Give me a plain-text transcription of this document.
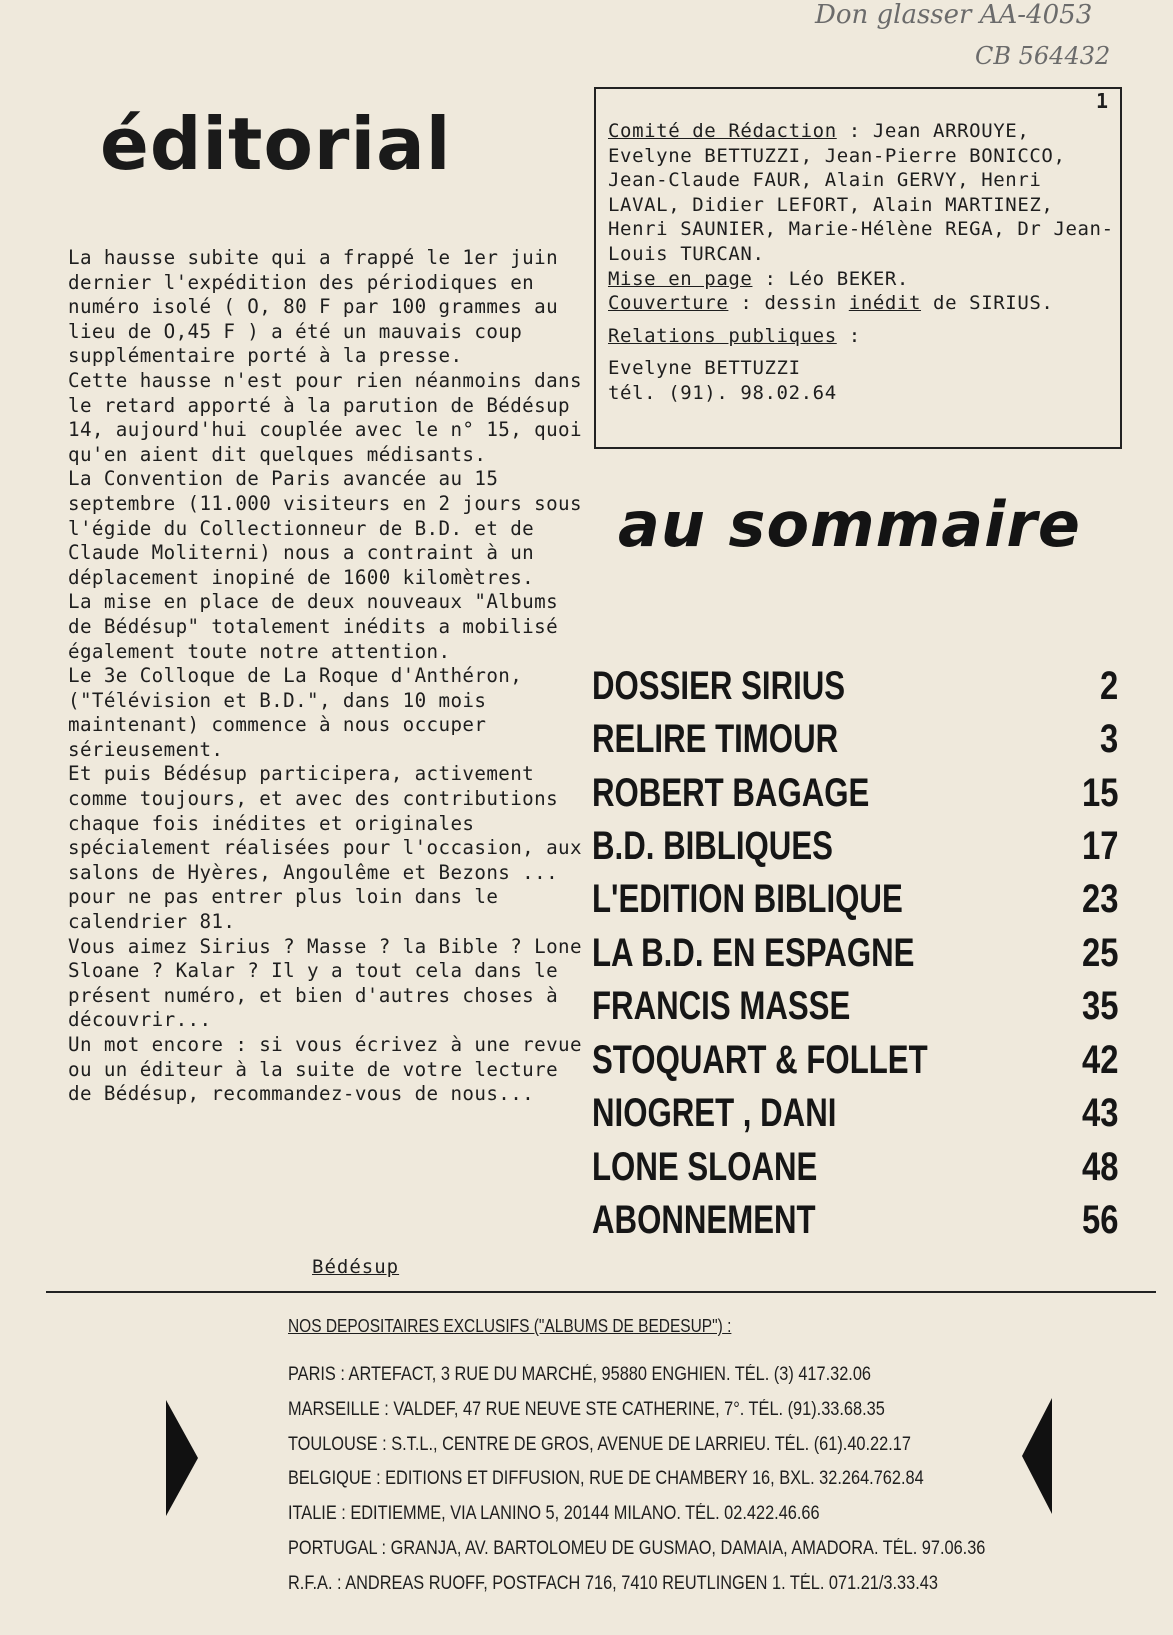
Don glasser AA-4053
CB 564432
éditorial

La hausse subite qui a frappé le 1er juin dernier l'expédition des périodiques en numéro isolé ( O, 80 F par 100 grammes au lieu de O,45 F ) a été un mauvais coup supplémentaire porté à la presse.

Cette hausse n'est pour rien néanmoins dans le retard apporté à la parution de Bédésup 14, aujourd'hui couplée avec le n° 15, quoi qu'en aient dit quelques médisants.

La Convention de Paris avancée au 15 septembre (11.000 visiteurs en 2 jours sous l'égide du Collectionneur de B.D. et de Claude Moliterni) nous a contraint à un déplacement inopiné de 1600 kilomètres.

La mise en place de deux nouveaux "Albums de Bédésup" totalement inédits a mobilisé également toute notre attention.

Le 3e Colloque de La Roque d'Anthéron, ("Télévision et B.D.", dans 10 mois maintenant) commence à nous occuper sérieusement.

Et puis Bédésup participera, activement comme toujours, et avec des contributions chaque fois inédites et originales spécialement réalisées pour l'occasion, aux salons de Hyères, Angoulême et Bezons ... pour ne pas entrer plus loin dans le calendrier 81.

Vous aimez Sirius ? Masse ? la Bible ? Lone Sloane ? Kalar ? Il y a tout cela dans le présent numéro, et bien d'autres choses à découvrir...

Un mot encore : si vous écrivez à une revue ou un éditeur à la suite de votre lecture de Bédésup, recommandez-vous de nous...

Bédésup
1
Comité de Rédaction : Jean ARROUYE, Evelyne BETTUZZI, Jean-Pierre BONICCO, Jean-Claude FAUR, Alain GERVY, Henri LAVAL, Didier LEFORT, Alain MARTINEZ, Henri SAUNIER, Marie-Hélène REGA, Dr Jean-Louis TURCAN.
Mise en page : Léo BEKER.
Couverture : dessin inédit de SIRIUS.
Relations publiques :
Evelyne BETTUZZI
tél. (91). 98.02.64
au sommaire
DOSSIER SIRIUS	2
RELIRE TIMOUR	3
ROBERT BAGAGE	15
B.D. BIBLIQUES	17
L'EDITION BIBLIQUE	23
LA B.D. EN ESPAGNE	25
FRANCIS MASSE	35
STOQUART & FOLLET	42
NIOGRET , DANI	43
LONE SLOANE	48
ABONNEMENT	56
NOS DEPOSITAIRES EXCLUSIFS ("ALBUMS DE BEDESUP") :
PARIS : ARTEFACT, 3 RUE DU MARCHÉ, 95880 ENGHIEN. TÉL. (3) 417.32.06
MARSEILLE : VALDEF, 47 RUE NEUVE STE CATHERINE, 7°. TÉL. (91).33.68.35
TOULOUSE : S.T.L., CENTRE DE GROS, AVENUE DE LARRIEU. TÉL. (61).40.22.17
BELGIQUE : EDITIONS ET DIFFUSION, RUE DE CHAMBERY 16, BXL. 32.264.762.84
ITALIE : EDITIEMME, VIA LANINO 5, 20144 MILANO. TÉL. 02.422.46.66
PORTUGAL : GRANJA, AV. BARTOLOMEU DE GUSMAO, DAMAIA, AMADORA. TÉL. 97.06.36
R.F.A. : ANDREAS RUOFF, POSTFACH 716, 7410 REUTLINGEN 1. TÉL. 071.21/3.33.43
